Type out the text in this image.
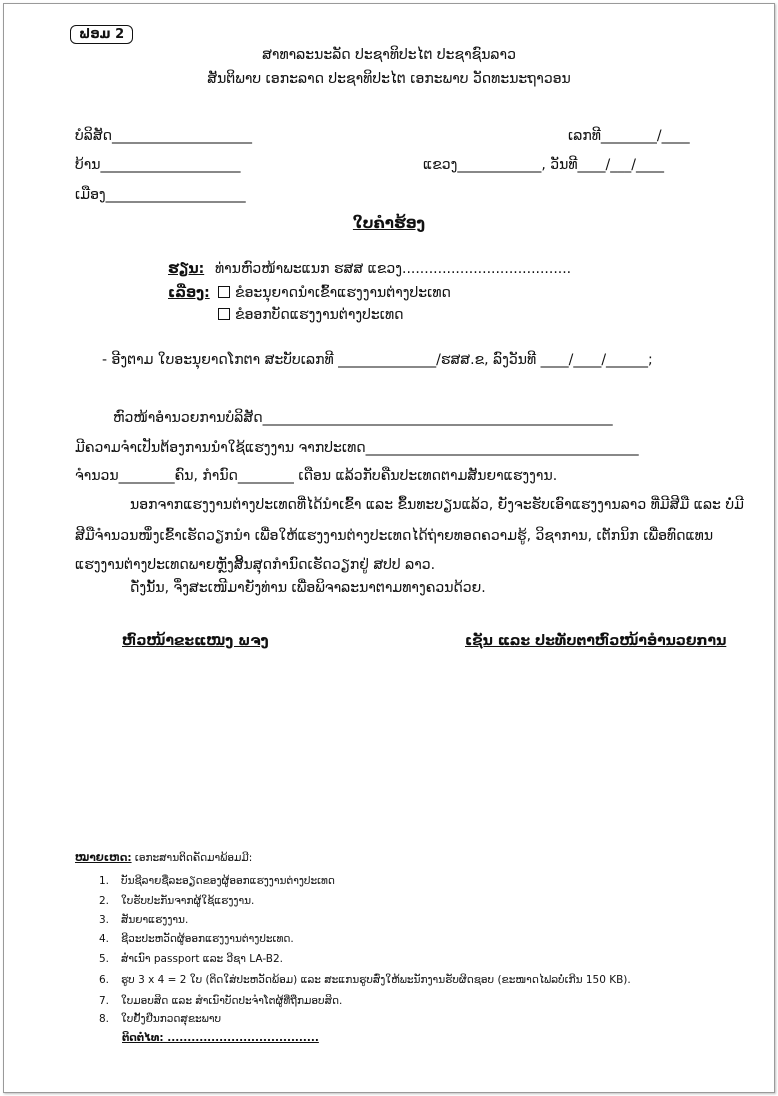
ຟອມ 2
ສາທາລະນະລັດ ປະຊາທິປະໄຕ ປະຊາຊົນລາວ
ສັນຕິພາບ ເອກະລາດ ປະຊາທິປະໄຕ ເອກະພາບ ວັດທະນະຖາວອນ
ບໍລິສັດ____________________	ເລກທີ________/____
ບ້ານ____________________	ແຂວງ____________, ວັນທີ____/___/____
ເມືອງ____________________
ໃບຄຳຮ້ອງ
ຮຽນ: ທ່ານຫົວໜ້າພະແນກ ຮສສ ແຂວງ......................................
ເລື່ອງ:	ຂໍອະນຸຍາດນຳເຂົ້າແຮງງານຕ່າງປະເທດ
ຂໍອອກບັດແຮງງານຕ່າງປະເທດ
- ອີງຕາມ ໃບອະນຸຍາດໂກຕາ ສະບັບເລກທີ ______________/ຮສສ.ຂ, ລົງວັນທີ ____/____/______;
ຫົວໜ້າອຳນວຍການບໍລິສັດ__________________________________________________
ມີຄວາມຈຳເປັນຕ້ອງການນຳໃຊ້ແຮງງານ ຈາກປະເທດ_______________________________________
ຈຳນວນ________ຄົນ, ກຳນົດ________ ເດືອນ ແລ້ວກັບຄືນປະເທດຕາມສັນຍາແຮງງານ.
ນອກຈາກແຮງງານຕ່າງປະເທດທີ່ໄດ້ນຳເຂົ້າ ແລະ ຂຶ້ນທະບຽນແລ້ວ, ຍັງຈະຮັບເອົາແຮງງານລາວ ທີ່ມີສີມື ແລະ ບໍ່ມີ
ສີມືຈຳນວນໜຶ່ງເຂົ້າເຮັດວຽກນຳ ເພື່ອໃຫ້ແຮງງານຕ່າງປະເທດໄດ້ຖ່າຍທອດຄວາມຮູ້, ວິຊາການ, ເຕັກນິກ ເພື່ອທົດແທນ
ແຮງງານຕ່າງປະເທດພາຍຫຼັງສິ້ນສຸດກຳນົດເຮັດວຽກຢູ່ ສປປ ລາວ.
ດັ່ງນັ້ນ, ຈຶ່ງສະເໜີມາຍັງທ່ານ ເພື່ອພິຈາລະນາຕາມທາງຄວນດ້ວຍ.
ຫົວໜ້າຂະແໜງ ພຈງ	ເຊັນ ແລະ ປະທັບຕາຫົວໜ້າອຳນວຍການ
ໝາຍເຫດ: ເອກະສານຕິດຄັດມາພ້ອມມີ:
1. ບັນຊີລາຍຊື່ລະອຽດຂອງຜູ້ອອກແຮງງານຕ່າງປະເທດ
2. ໃບຮັບປະກັນຈາກຜູ້ໃຊ້ແຮງງານ.
3. ສັນຍາແຮງງານ.
4. ຊີວະປະຫວັດຜູ້ອອກແຮງງານຕ່າງປະເທດ.
5. ສຳເນົາ passport ແລະ ວີຊາ LA-B2.
6. ຮູບ 3 x 4 = 2 ໃບ (ຕິດໃສ່ປະຫວັດພ້ອມ) ແລະ ສະແກນຮູບສົ່ງໃຫ້ພະນັກງານຮັບຜິດຊອບ (ຂະໜາດໄຟລບໍ່ເກີນ 150 KB).
7. ໃບມອບສິດ ແລະ ສຳເນົາບັດປະຈຳໂຕຜູ້ທີ່ຖືກມອບສິດ.
8. ໃບຢັ້ງຢືນກວດສຸຂະພາບ
ຕິດຕໍ່ໄທ: ......................................
